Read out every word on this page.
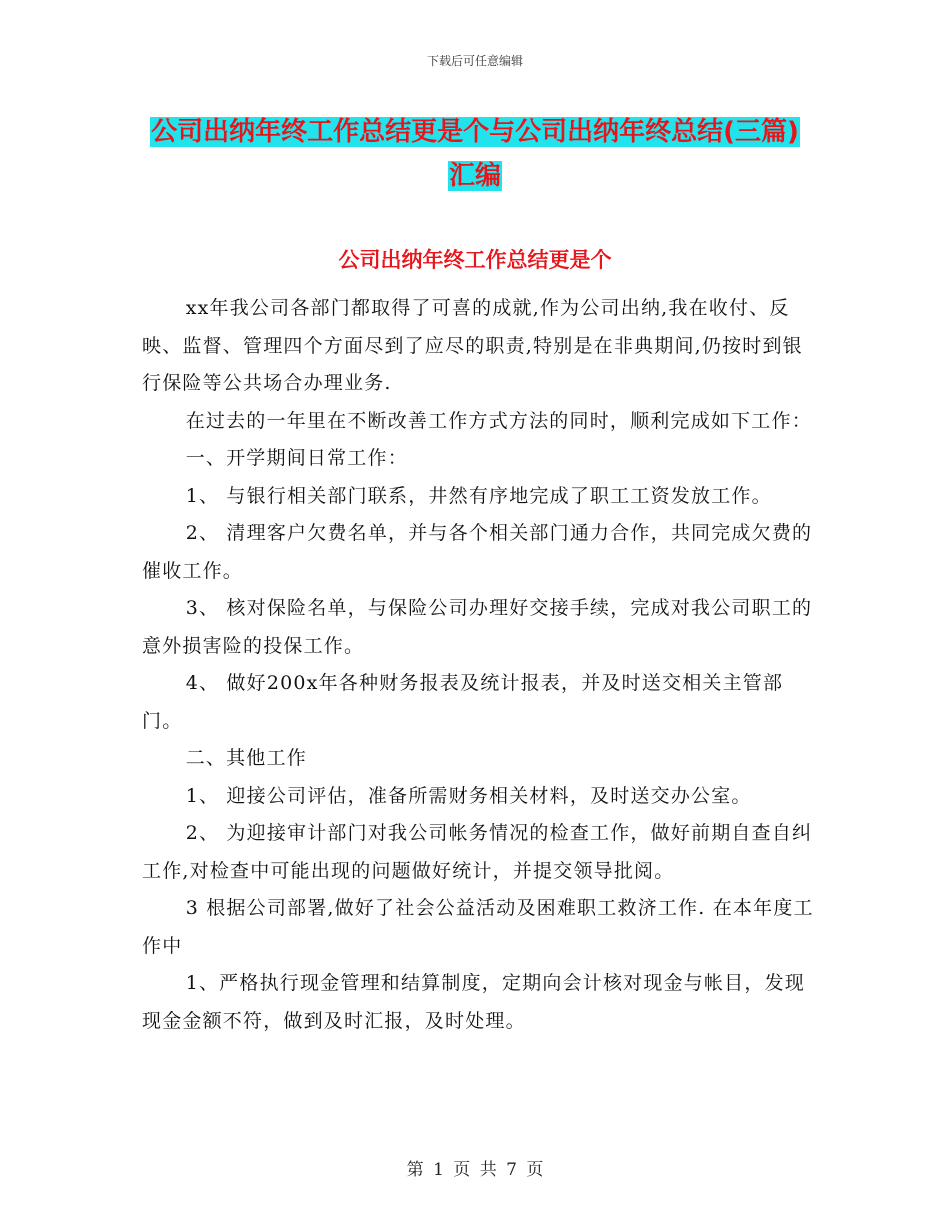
下载后可任意编辑
公司出纳年终工作总结更是个与公司出纳年终总结(三篇)汇编
公司出纳年终工作总结更是个

xx年我公司各部门都取得了可喜的成就,作为公司出纳,我在收付、反映、监督、管理四个方面尽到了应尽的职责,特别是在非典期间,仍按时到银行保险等公共场合办理业务.

在过去的一年里在不断改善工作方式方法的同时，顺利完成如下工作：

一、开学期间日常工作：

1、 与银行相关部门联系，井然有序地完成了职工工资发放工作。

2、 清理客户欠费名单，并与各个相关部门通力合作，共同完成欠费的催收工作。

3、 核对保险名单，与保险公司办理好交接手续，完成对我公司职工的意外损害险的投保工作。

4、 做好200x年各种财务报表及统计报表，并及时送交相关主管部门。

二、其他工作

1、 迎接公司评估，准备所需财务相关材料，及时送交办公室。

2、 为迎接审计部门对我公司帐务情况的检查工作，做好前期自查自纠工作,对检查中可能出现的问题做好统计，并提交领导批阅。

3 根据公司部署,做好了社会公益活动及困难职工救济工作. 在本年度工作中

1、严格执行现金管理和结算制度，定期向会计核对现金与帐目，发现现金金额不符，做到及时汇报，及时处理。

第 1 页 共 7 页
